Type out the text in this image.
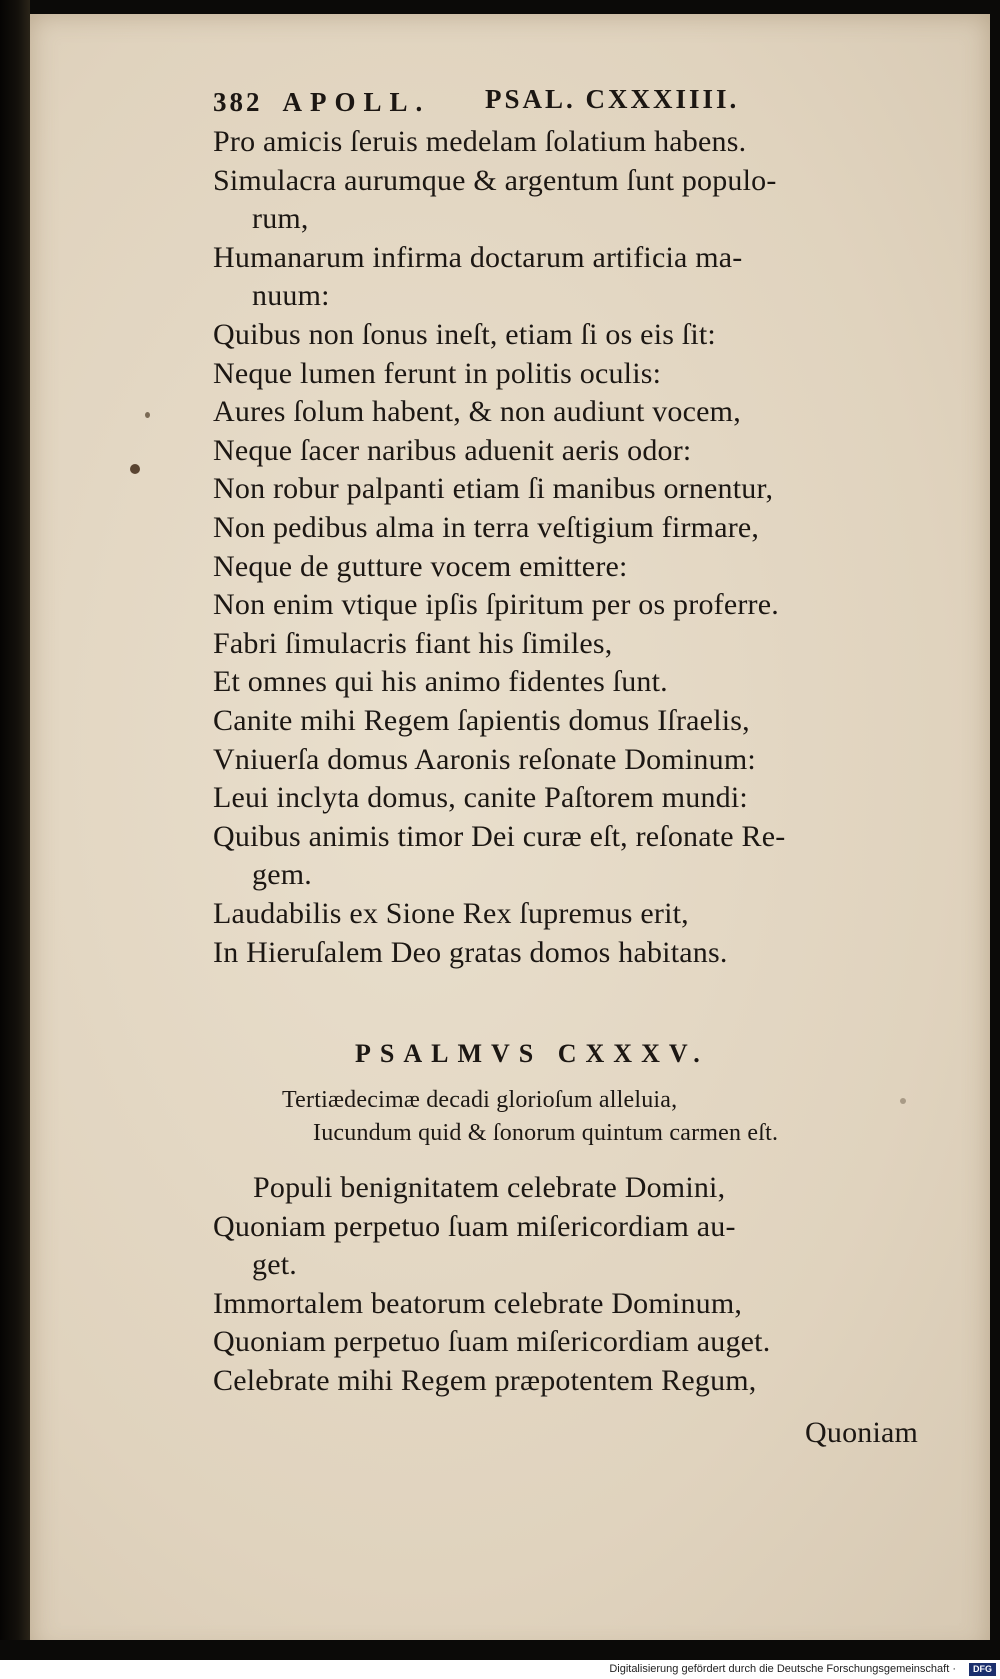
382 APOLL. PSAL. CXXXIIII.
Pro amicis ſeruis medelam ſolatium habens.
Simulacra aurumque & argentum ſunt populo-
rum,
Humanarum infirma doctarum artificia ma-
nuum:
Quibus non ſonus ineſt, etiam ſi os eis ſit:
Neque lumen ferunt in politis oculis:
Aures ſolum habent, & non audiunt vocem,
Neque ſacer naribus aduenit aeris odor:
Non robur palpanti etiam ſi manibus ornentur,
Non pedibus alma in terra veſtigium firmare,
Neque de gutture vocem emittere:
Non enim vtique ipſis ſpiritum per os proferre.
Fabri ſimulacris fiant his ſimiles,
Et omnes qui his animo fidentes ſunt.
Canite mihi Regem ſapientis domus Iſraelis,
Vniuerſa domus Aaronis reſonate Dominum:
Leui inclyta domus, canite Paſtorem mundi:
Quibus animis timor Dei curæ eſt, reſonate Re-
gem.
Laudabilis ex Sione Rex ſupremus erit,
In Hieruſalem Deo gratas domos habitans.
PSALMVS CXXXV.
Tertiædecimæ decadi glorioſum alleluia,
Iucundum quid & ſonorum quintum carmen eſt.
Populi benignitatem celebrate Domini,
Quoniam perpetuo ſuam miſericordiam au-
get.
Immortalem beatorum celebrate Dominum,
Quoniam perpetuo ſuam miſericordiam auget.
Celebrate mihi Regem præpotentem Regum,
Quoniam
Digitalisierung gefördert durch die Deutsche Forschungsgemeinschaft ·	DFG
